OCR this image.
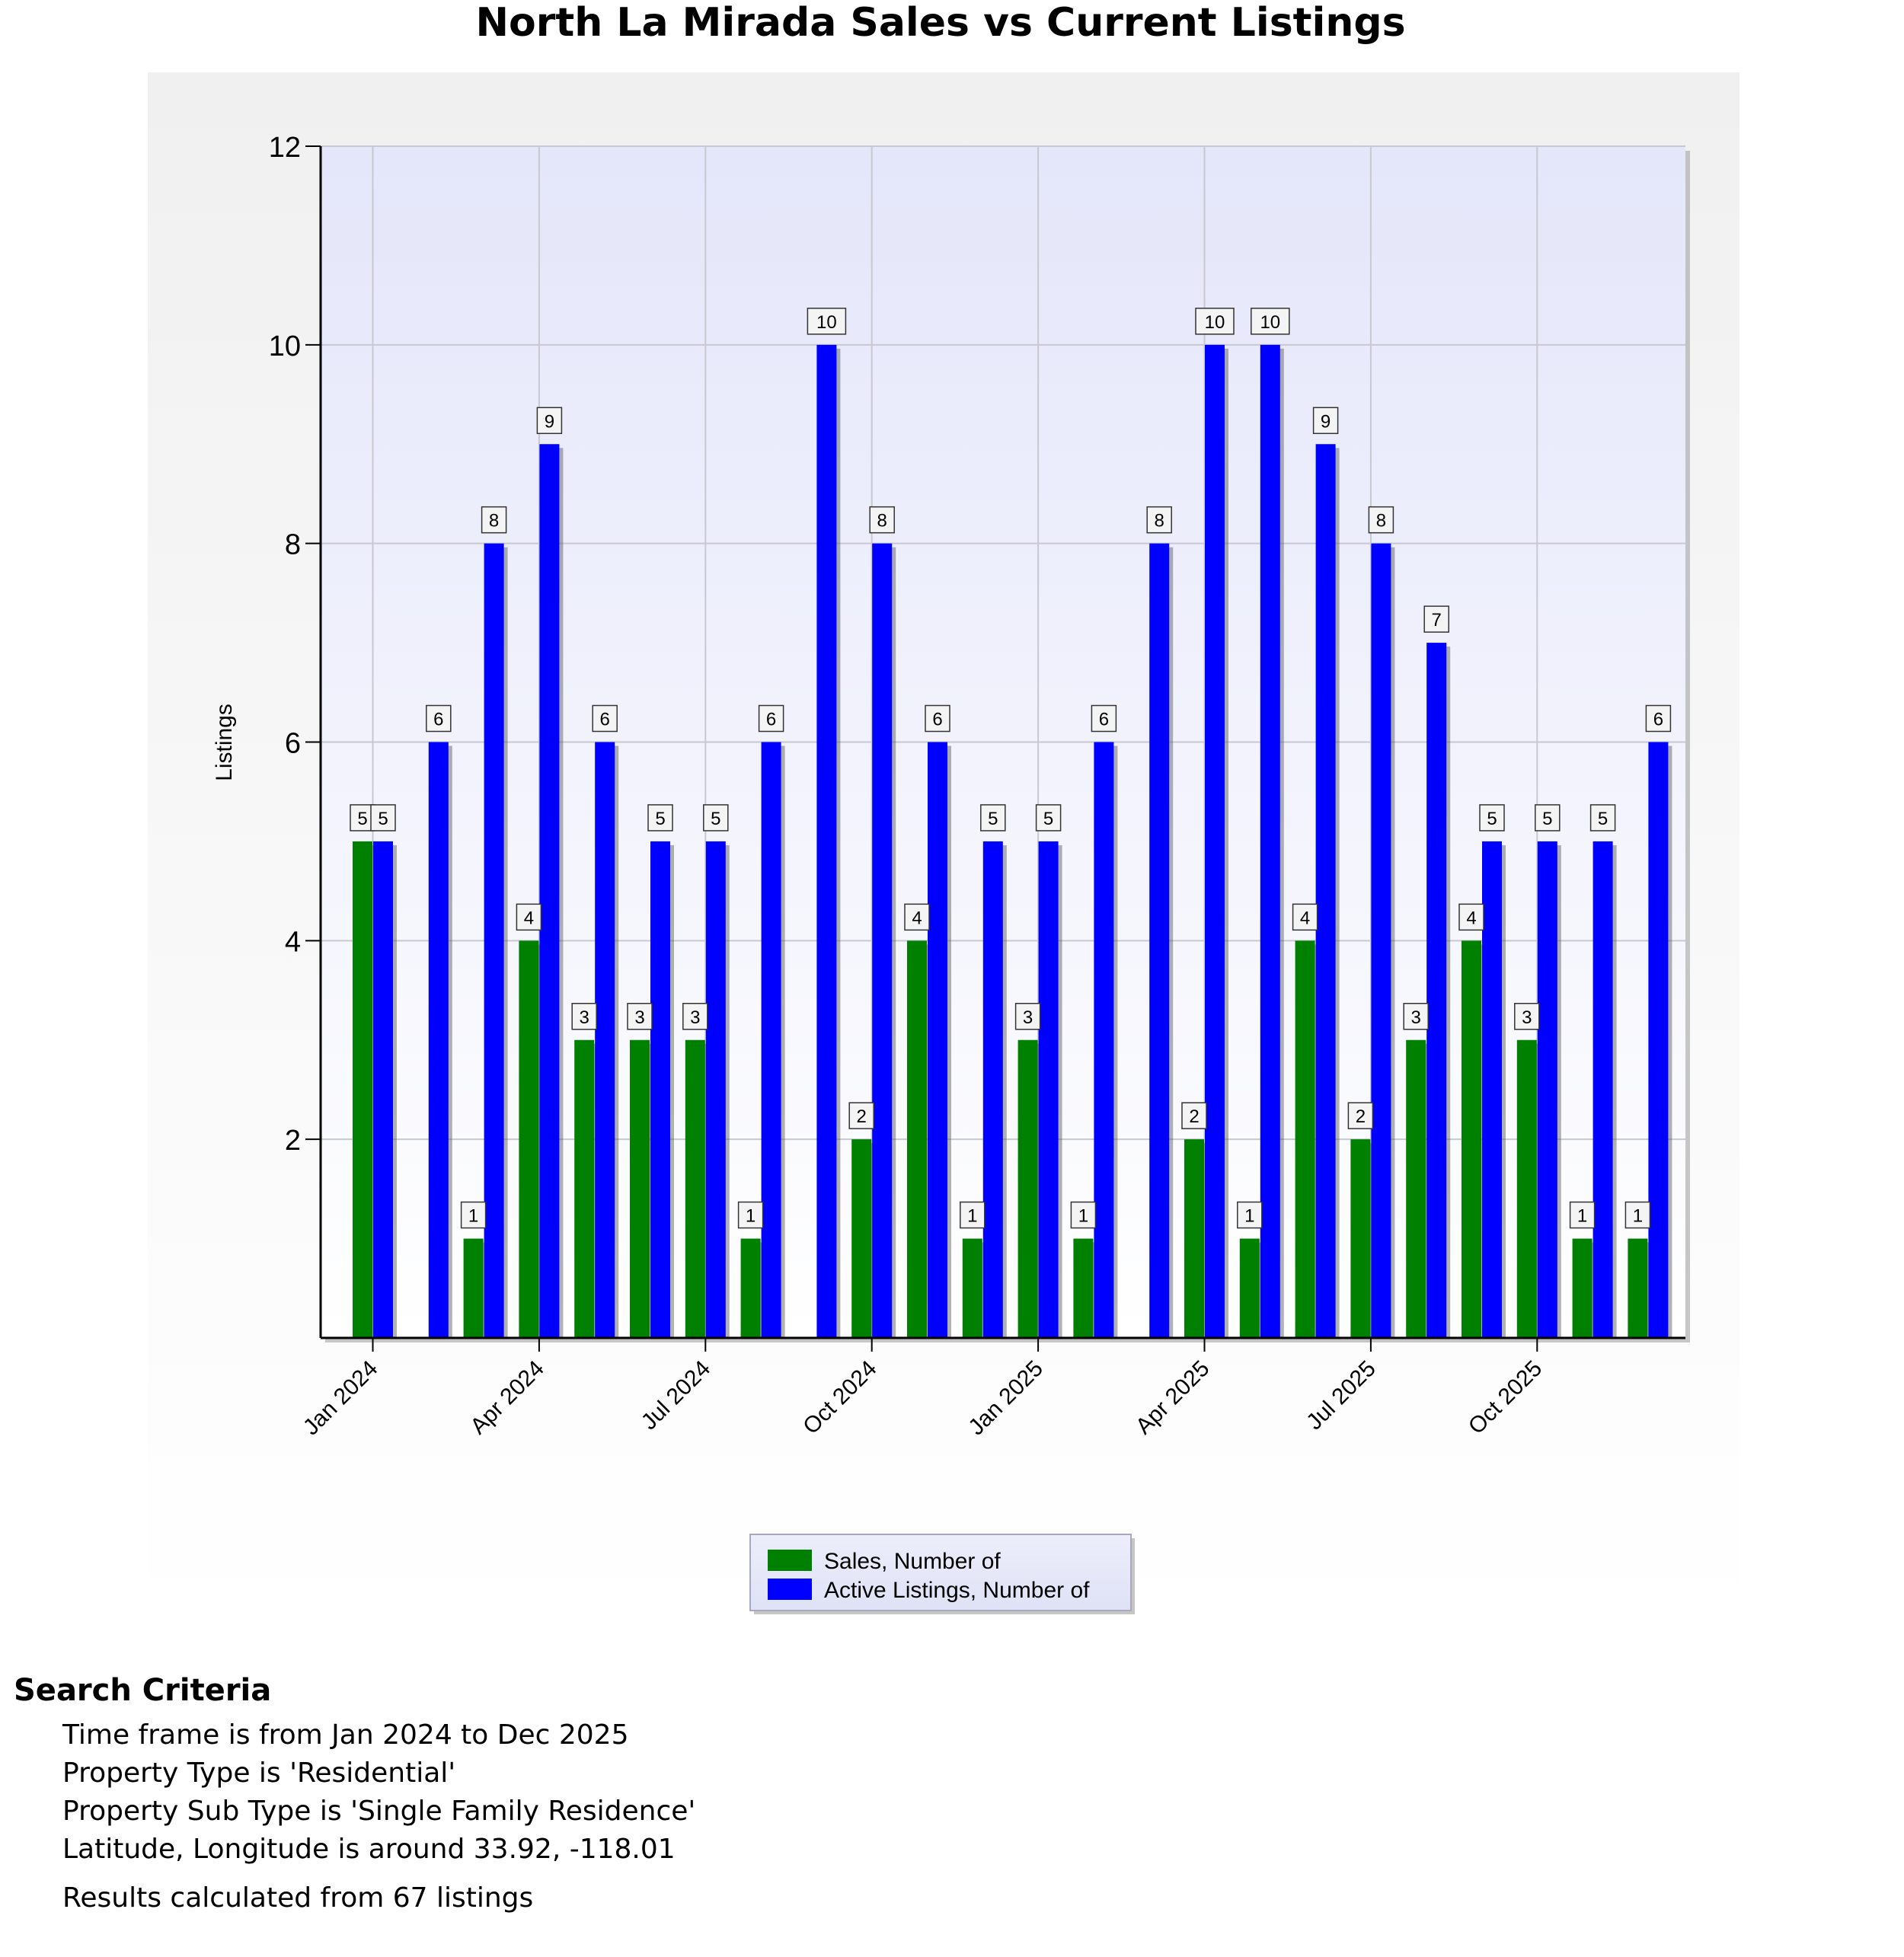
North La Mirada Sales vs Current Listings
2
4
6
8
10
12
Jan 2024	Apr 2024	Jul 2024	Oct 2024	Jan 2025	Apr 2025	Jul 2025	Oct 2025
5 5
6
1
8
4
9
3
6
3
5
3
5
1
6
10
2
8
4
6
1
5
3
5
1
6
8
2
10
1
10
4
9
2
8
3
7
4
5
3
5
1
5
1
6
Listings
Sales, Number of
Active Listings, Number of
Search Criteria
Time frame is from Jan 2024 to Dec 2025
Property Type is 'Residential'
Property Sub Type is 'Single Family Residence'
Latitude, Longitude is around 33.92, -118.01
Results calculated from 67 listings
